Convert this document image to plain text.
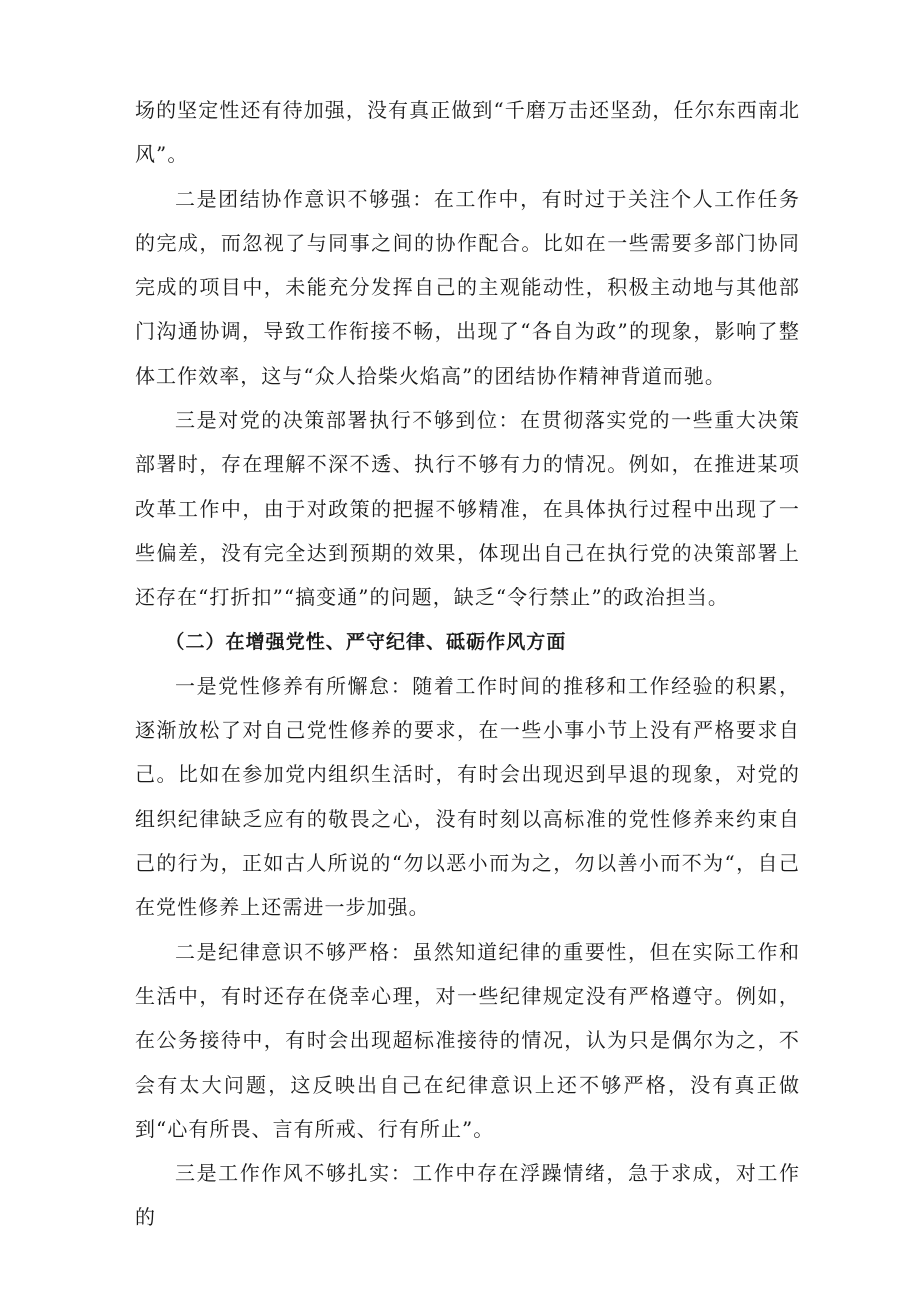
场的坚定性还有待加强，没有真正做到“千磨万击还坚劲，任尔东西南北风”。

二是团结协作意识不够强：在工作中，有时过于关注个人工作任务的完成，而忽视了与同事之间的协作配合。比如在一些需要多部门协同完成的项目中，未能充分发挥自己的主观能动性，积极主动地与其他部门沟通协调，导致工作衔接不畅，出现了“各自为政”的现象，影响了整体工作效率，这与“众人拾柴火焰高”的团结协作精神背道而驰。

三是对党的决策部署执行不够到位：在贯彻落实党的一些重大决策部署时，存在理解不深不透、执行不够有力的情况。例如，在推进某项改革工作中，由于对政策的把握不够精准，在具体执行过程中出现了一些偏差，没有完全达到预期的效果，体现出自己在执行党的决策部署上还存在“打折扣”“搞变通”的问题，缺乏“令行禁止”的政治担当。

（二）在增强党性、严守纪律、砥砺作风方面

一是党性修养有所懈怠：随着工作时间的推移和工作经验的积累，逐渐放松了对自己党性修养的要求，在一些小事小节上没有严格要求自己。比如在参加党内组织生活时，有时会出现迟到早退的现象，对党的组织纪律缺乏应有的敬畏之心，没有时刻以高标准的党性修养来约束自己的行为，正如古人所说的“勿以恶小而为之，勿以善小而不为“，自己在党性修养上还需进一步加强。

二是纪律意识不够严格：虽然知道纪律的重要性，但在实际工作和生活中，有时还存在侥幸心理，对一些纪律规定没有严格遵守。例如，在公务接待中，有时会出现超标准接待的情况，认为只是偶尔为之，不会有太大问题，这反映出自己在纪律意识上还不够严格，没有真正做到“心有所畏、言有所戒、行有所止”。

三是工作作风不够扎实：工作中存在浮躁情绪，急于求成，对工作的
